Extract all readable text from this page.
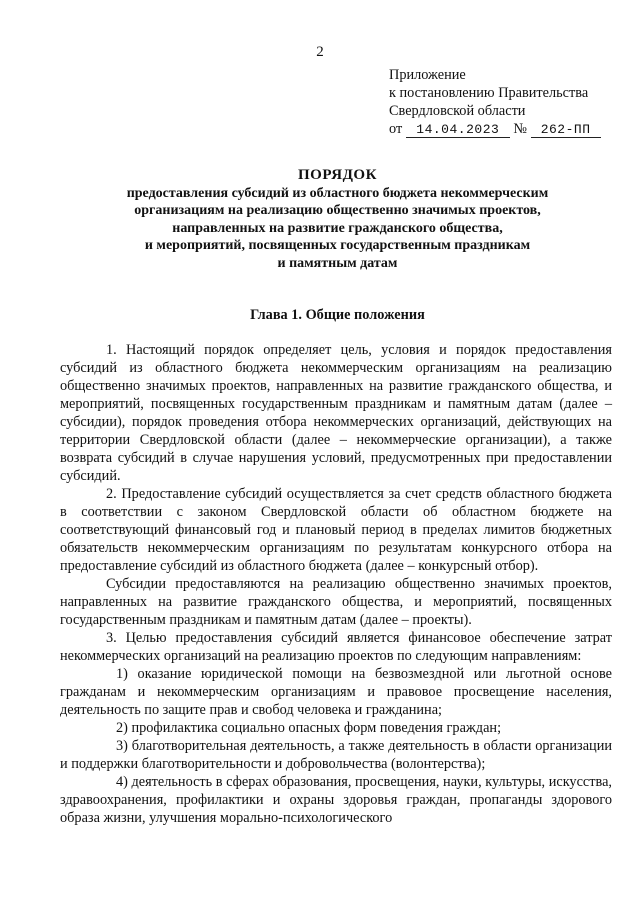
2
Приложение
к постановлению Правительства
Свердловской области
от 14.04.2023 № 262-ПП
ПОРЯДОК
предоставления субсидий из областного бюджета некоммерческим
организациям на реализацию общественно значимых проектов,
направленных на развитие гражданского общества,
и мероприятий, посвященных государственным праздникам
и памятным датам
Глава 1. Общие положения

1. Настоящий порядок определяет цель, условия и порядок предоставления субсидий из областного бюджета некоммерческим организациям на реализацию общественно значимых проектов, направленных на развитие гражданского общества, и мероприятий, посвященных государственным праздникам и памятным датам (далее – субсидии), порядок проведения отбора некоммерческих организаций, действующих на территории Свердловской области (далее – некоммерческие организации), а также возврата субсидий в случае нарушения условий, предусмотренных при предоставлении субсидий.

2. Предоставление субсидий осуществляется за счет средств областного бюджета в соответствии с законом Свердловской области об областном бюджете на соответствующий финансовый год и плановый период в пределах лимитов бюджетных обязательств некоммерческим организациям по результатам конкурсного отбора на предоставление субсидий из областного бюджета (далее – конкурсный отбор).

Субсидии предоставляются на реализацию общественно значимых проектов, направленных на развитие гражданского общества, и мероприятий, посвященных государственным праздникам и памятным датам (далее – проекты).

3. Целью предоставления субсидий является финансовое обеспечение затрат некоммерческих организаций на реализацию проектов по следующим направлениям:

1) оказание юридической помощи на безвозмездной или льготной основе гражданам и некоммерческим организациям и правовое просвещение населения, деятельность по защите прав и свобод человека и гражданина;

2) профилактика социально опасных форм поведения граждан;

3) благотворительная деятельность, а также деятельность в области организации и поддержки благотворительности и добровольчества (волонтерства);

4) деятельность в сферах образования, просвещения, науки, культуры, искусства, здравоохранения, профилактики и охраны здоровья граждан, пропаганды здорового образа жизни, улучшения морально-психологического
